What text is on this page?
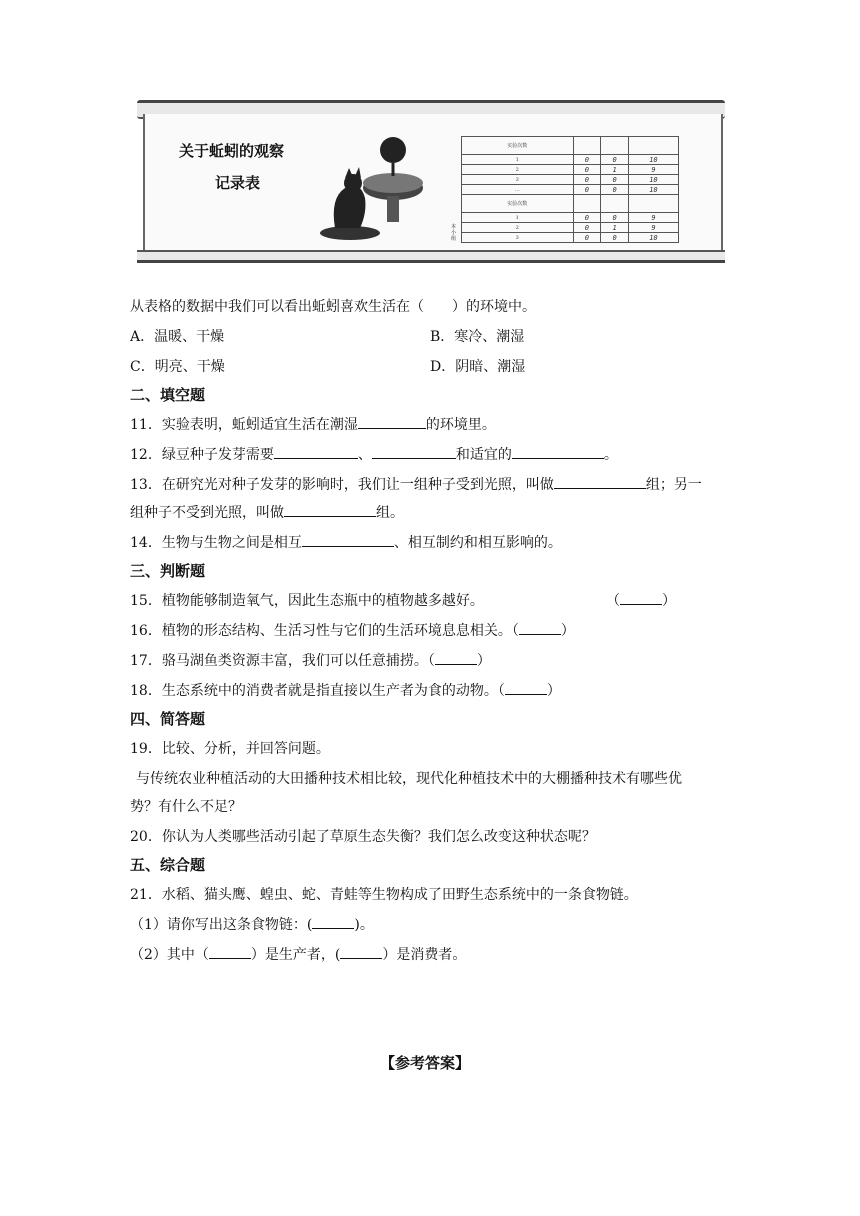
关于蚯蚓的观察
记录表
实验次数			
1	0	0	10
2	0	1	9
3	0	0	10
…	0	0	10
实验次数			
1	0	0	9
2	0	1	9
3	0	0	10
本小组
从表格的数据中我们可以看出蚯蚓喜欢生活在（　　）的环境中。
A．温暖、干燥	B．寒冷、潮湿
C．明亮、干燥	D．阴暗、潮湿
二、填空题
11．实验表明，蚯蚓适宜生活在潮湿	的环境里。
12．绿豆种子发芽需要	、	和适宜的	。
13．在研究光对种子发芽的影响时，我们让一组种子受到光照，叫做	组；另一
组种子不受到光照，叫做	组。
14．生物与生物之间是相互	、相互制约和相互影响的。
三、判断题
15．植物能够制造氧气，因此生态瓶中的植物越多越好。	（	）
16．植物的形态结构、生活习性与它们的生活环境息息相关。（	）
17．骆马湖鱼类资源丰富，我们可以任意捕捞。（	）
18．生态系统中的消费者就是指直接以生产者为食的动物。（	）
四、简答题
19．比较、分析，并回答问题。
与传统农业种植活动的大田播种技术相比较，现代化种植技术中的大棚播种技术有哪些优
势？有什么不足？
20．你认为人类哪些活动引起了草原生态失衡？我们怎么改变这种状态呢？
五、综合题
21．水稻、猫头鹰、蝗虫、蛇、青蛙等生物构成了田野生态系统中的一条食物链。
（1）请你写出这条食物链：(	)。
（2）其中（	）是生产者，(	）是消费者。
【参考答案】
